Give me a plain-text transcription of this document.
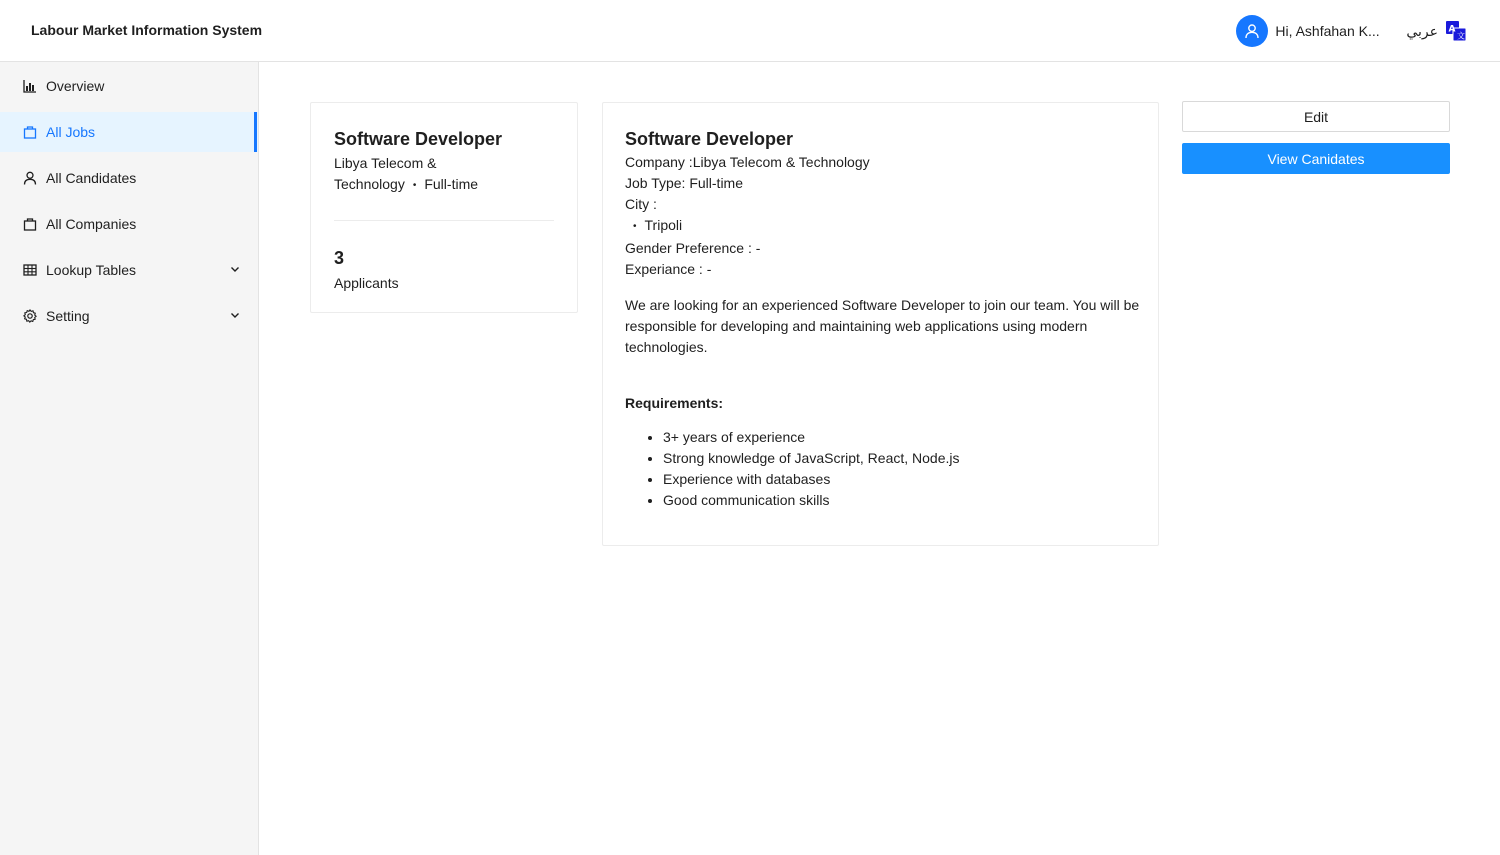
Labour Market Information System	Hi, Ashfahan K...	عربي A
文
Overview
All Jobs
All Candidates
All Companies
Lookup Tables
Setting
Software Developer
Libya Telecom & Technology • Full-time
3
Applicants
Software Developer
Company :Libya Telecom & Technology
Job Type: Full-time
City :
• Tripoli
Gender Preference : -
Experiance : -
We are looking for an experienced Software Developer to join our team. You will be responsible for developing and maintaining web applications using modern technologies.
Requirements:
• 3+ years of experience
• Strong knowledge of JavaScript, React, Node.js
• Experience with databases
• Good communication skills
Edit
View Canidates
